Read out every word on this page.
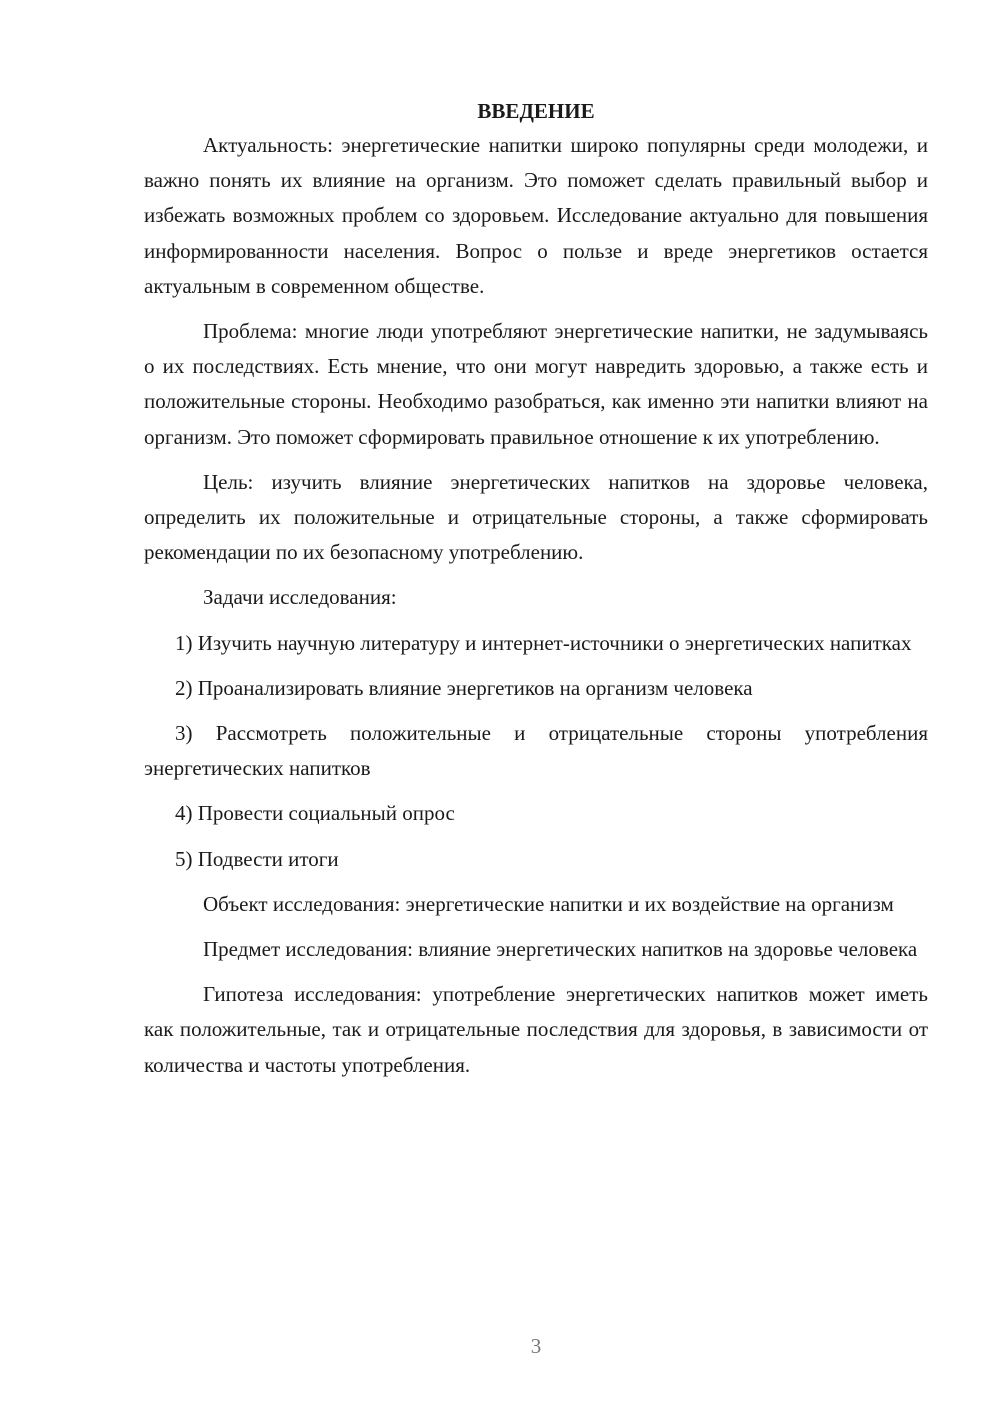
ВВЕДЕНИЕ

Актуальность: энергетические напитки широко популярны среди молодежи, и важно понять их влияние на организм. Это поможет сделать правильный выбор и избежать возможных проблем со здоровьем. Исследование актуально для повышения информированности населения. Вопрос о пользе и вреде энергетиков остается актуальным в современном обществе.

Проблема: многие люди употребляют энергетические напитки, не задумываясь о их последствиях. Есть мнение, что они могут навредить здоровью, а также есть и положительные стороны. Необходимо разобраться, как именно эти напитки влияют на организм. Это поможет сформировать правильное отношение к их употреблению.

Цель: изучить влияние энергетических напитков на здоровье человека, определить их положительные и отрицательные стороны, а также сформировать рекомендации по их безопасному употреблению.

Задачи исследования:

1) Изучить научную литературу и интернет-источники о энергетических напитках

2) Проанализировать влияние энергетиков на организм человека

3) Рассмотреть положительные и отрицательные стороны употребления энергетических напитков

4) Провести социальный опрос

5) Подвести итоги

Объект исследования: энергетические напитки и их воздействие на организм

Предмет исследования: влияние энергетических напитков на здоровье человека

Гипотеза исследования: употребление энергетических напитков может иметь как положительные, так и отрицательные последствия для здоровья, в зависимости от количества и частоты употребления.

3
